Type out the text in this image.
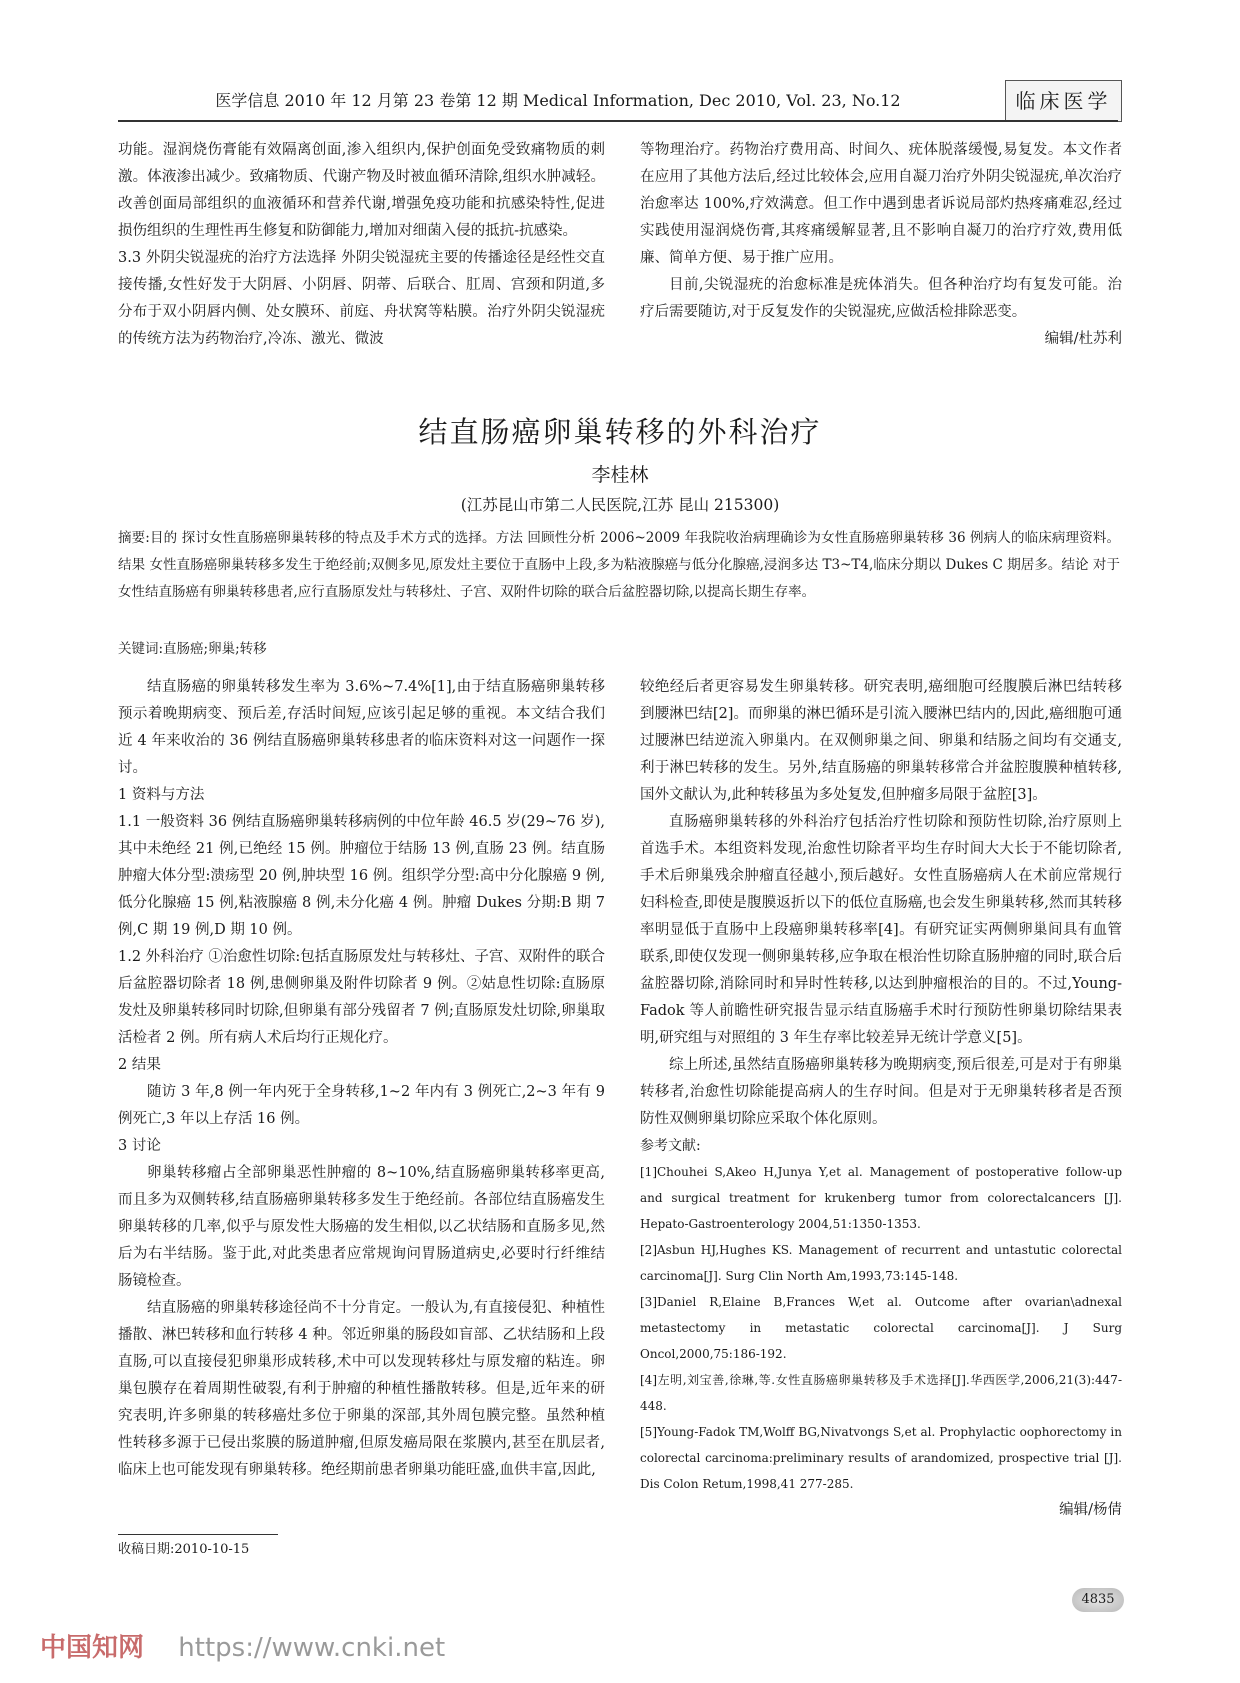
医学信息 2010 年 12 月第 23 卷第 12 期 Medical Information, Dec 2010, Vol. 23, No.12	临床医学

功能。湿润烧伤膏能有效隔离创面,渗入组织内,保护创面免受致痛物质的刺激。体液渗出减少。致痛物质、代谢产物及时被血循环清除,组织水肿减轻。改善创面局部组织的血液循环和营养代谢,增强免疫功能和抗感染特性,促进损伤组织的生理性再生修复和防御能力,增加对细菌入侵的抵抗-抗感染。

3.3 外阴尖锐湿疣的治疗方法选择 外阴尖锐湿疣主要的传播途径是经性交直接传播,女性好发于大阴唇、小阴唇、阴蒂、后联合、肛周、宫颈和阴道,多分布于双小阴唇内侧、处女膜环、前庭、舟状窝等粘膜。治疗外阴尖锐湿疣的传统方法为药物治疗,冷冻、激光、微波

等物理治疗。药物治疗费用高、时间久、疣体脱落缓慢,易复发。本文作者在应用了其他方法后,经过比较体会,应用自凝刀治疗外阴尖锐湿疣,单次治疗治愈率达 100%,疗效满意。但工作中遇到患者诉说局部灼热疼痛难忍,经过实践使用湿润烧伤膏,其疼痛缓解显著,且不影响自凝刀的治疗疗效,费用低廉、简单方便、易于推广应用。

目前,尖锐湿疣的治愈标准是疣体消失。但各种治疗均有复发可能。治疗后需要随访,对于反复发作的尖锐湿疣,应做活检排除恶变。

编辑/杜苏利

结直肠癌卵巢转移的外科治疗
李桂林
(江苏昆山市第二人民医院,江苏 昆山 215300)

摘要:目的 探讨女性直肠癌卵巢转移的特点及手术方式的选择。方法 回顾性分析 2006~2009 年我院收治病理确诊为女性直肠癌卵巢转移 36 例病人的临床病理资料。结果 女性直肠癌卵巢转移多发生于绝经前;双侧多见,原发灶主要位于直肠中上段,多为粘液腺癌与低分化腺癌,浸润多达 T3~T4,临床分期以 Dukes C 期居多。结论 对于女性结直肠癌有卵巢转移患者,应行直肠原发灶与转移灶、子宫、双附件切除的联合后盆腔器切除,以提高长期生存率。

关键词:直肠癌;卵巢;转移

结直肠癌的卵巢转移发生率为 3.6%~7.4%[1],由于结直肠癌卵巢转移预示着晚期病变、预后差,存活时间短,应该引起足够的重视。本文结合我们近 4 年来收治的 36 例结直肠癌卵巢转移患者的临床资料对这一问题作一探讨。

1 资料与方法

1.1 一般资料 36 例结直肠癌卵巢转移病例的中位年龄 46.5 岁(29~76 岁),其中未绝经 21 例,已绝经 15 例。肿瘤位于结肠 13 例,直肠 23 例。结直肠肿瘤大体分型:溃疡型 20 例,肿块型 16 例。组织学分型:高中分化腺癌 9 例,低分化腺癌 15 例,粘液腺癌 8 例,未分化癌 4 例。肿瘤 Dukes 分期:B 期 7 例,C 期 19 例,D 期 10 例。

1.2 外科治疗 ①治愈性切除:包括直肠原发灶与转移灶、子宫、双附件的联合后盆腔器切除者 18 例,患侧卵巢及附件切除者 9 例。②姑息性切除:直肠原发灶及卵巢转移同时切除,但卵巢有部分残留者 7 例;直肠原发灶切除,卵巢取活检者 2 例。所有病人术后均行正规化疗。

2 结果

随访 3 年,8 例一年内死于全身转移,1~2 年内有 3 例死亡,2~3 年有 9 例死亡,3 年以上存活 16 例。

3 讨论

卵巢转移瘤占全部卵巢恶性肿瘤的 8~10%,结直肠癌卵巢转移率更高,而且多为双侧转移,结直肠癌卵巢转移多发生于绝经前。各部位结直肠癌发生卵巢转移的几率,似乎与原发性大肠癌的发生相似,以乙状结肠和直肠多见,然后为右半结肠。鉴于此,对此类患者应常规询问胃肠道病史,必要时行纤维结肠镜检查。

结直肠癌的卵巢转移途径尚不十分肯定。一般认为,有直接侵犯、种植性播散、淋巴转移和血行转移 4 种。邻近卵巢的肠段如盲部、乙状结肠和上段直肠,可以直接侵犯卵巢形成转移,术中可以发现转移灶与原发瘤的粘连。卵巢包膜存在着周期性破裂,有利于肿瘤的种植性播散转移。但是,近年来的研究表明,许多卵巢的转移癌灶多位于卵巢的深部,其外周包膜完整。虽然种植性转移多源于已侵出浆膜的肠道肿瘤,但原发癌局限在浆膜内,甚至在肌层者,临床上也可能发现有卵巢转移。绝经期前患者卵巢功能旺盛,血供丰富,因此,

较绝经后者更容易发生卵巢转移。研究表明,癌细胞可经腹膜后淋巴结转移到腰淋巴结[2]。而卵巢的淋巴循环是引流入腰淋巴结内的,因此,癌细胞可通过腰淋巴结逆流入卵巢内。在双侧卵巢之间、卵巢和结肠之间均有交通支,利于淋巴转移的发生。另外,结直肠癌的卵巢转移常合并盆腔腹膜种植转移,国外文献认为,此种转移虽为多处复发,但肿瘤多局限于盆腔[3]。

直肠癌卵巢转移的外科治疗包括治疗性切除和预防性切除,治疗原则上首选手术。本组资料发现,治愈性切除者平均生存时间大大长于不能切除者,手术后卵巢残余肿瘤直径越小,预后越好。女性直肠癌病人在术前应常规行妇科检查,即使是腹膜返折以下的低位直肠癌,也会发生卵巢转移,然而其转移率明显低于直肠中上段癌卵巢转移率[4]。有研究证实两侧卵巢间具有血管联系,即使仅发现一侧卵巢转移,应争取在根治性切除直肠肿瘤的同时,联合后盆腔器切除,消除同时和异时性转移,以达到肿瘤根治的目的。不过,Young-Fadok 等人前瞻性研究报告显示结直肠癌手术时行预防性卵巢切除结果表明,研究组与对照组的 3 年生存率比较差异无统计学意义[5]。

综上所述,虽然结直肠癌卵巢转移为晚期病变,预后很差,可是对于有卵巢转移者,治愈性切除能提高病人的生存时间。但是对于无卵巢转移者是否预防性双侧卵巢切除应采取个体化原则。

参考文献:

[1]Chouhei S,Akeo H,Junya Y,et al. Management of postoperative follow-up and surgical treatment for krukenberg tumor from colorectalcancers [J]. Hepato-Gastroenterology 2004,51:1350-1353.

[2]Asbun HJ,Hughes KS. Management of recurrent and untastutic colorectal carcinoma[J]. Surg Clin North Am,1993,73:145-148.

[3]Daniel R,Elaine B,Frances W,et al. Outcome after ovarian\adnexal metastectomy in metastatic colorectal carcinoma[J]. J Surg Oncol,2000,75:186-192.

[4]左明,刘宝善,徐琳,等.女性直肠癌卵巢转移及手术选择[J].华西医学,2006,21(3):447-448.

[5]Young-Fadok TM,Wolff BG,Nivatvongs S,et al. Prophylactic oophorectomy in colorectal carcinoma:preliminary results of arandomized, prospective trial [J]. Dis Colon Retum,1998,41 277-285.

编辑/杨倩

收稿日期:2010-10-15
4835
中国知网 https://www.cnki.net
